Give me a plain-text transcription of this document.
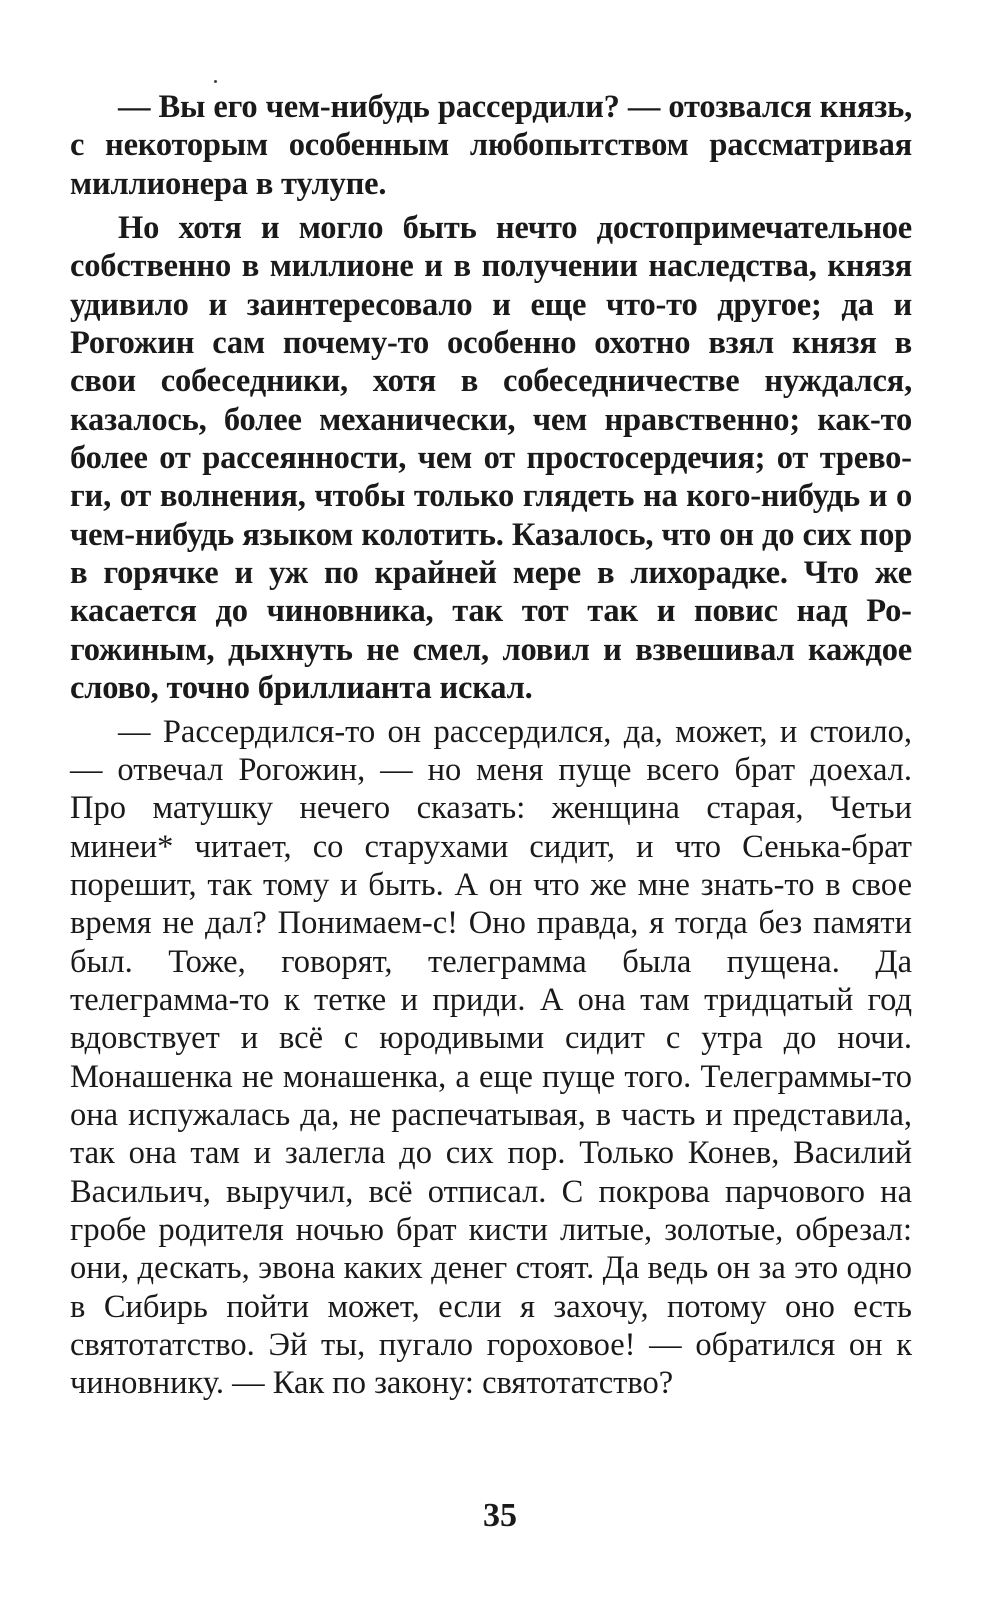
— Вы его чем-нибудь рассердили? — отозвался князь, с некоторым особенным любопытством рассматривая миллионера в тулупе.

Но хотя и могло быть нечто достопримечательное собственно в миллионе и в получении наследства, князя удивило и заинтересовало и еще что-то другое; да и Рогожин сам почему-то особенно охотно взял князя в свои собеседники, хотя в собеседничестве нуждался, казалось, более механически, чем нравственно; как-то более от рассеянности, чем от простосердечия; от тревоги, от волнения, чтобы только глядеть на кого-нибудь и о чем-нибудь языком колотить. Казалось, что он до сих пор в горячке и уж по крайней мере в лихорадке. Что же касается до чиновника, так тот так и повис над Рогожиным, дыхнуть не смел, ловил и взвешивал каждое слово, точно бриллианта искал.

— Рассердился-то он рассердился, да, может, и стоило, — отвечал Рогожин, — но меня пуще всего брат доехал. Про матушку нечего сказать: женщина старая, Четьи минеи* читает, со старухами сидит, и что Сенька-брат порешит, так тому и быть. А он что же мне знать-то в свое время не дал? Понимаем-с! Оно правда, я тогда без памяти был. Тоже, говорят, телеграмма была пущена. Да телеграмма-то к тетке и приди. А она там тридцатый год вдовствует и всё с юродивыми сидит с утра до ночи. Монашенка не монашенка, а еще пуще того. Телеграммы-то она испужалась да, не распечатывая, в часть и представила, так она там и залегла до сих пор. Только Конев, Василий Васильич, выручил, всё отписал. С покрова парчового на гробе родителя ночью брат кисти литые, золотые, обрезал: они, дескать, эвона каких денег стоят. Да ведь он за это одно в Сибирь пойти может, если я захочу, потому оно есть святотатство. Эй ты, пугало гороховое! — обратился он к чиновнику. — Как по закону: святотатство?

35
